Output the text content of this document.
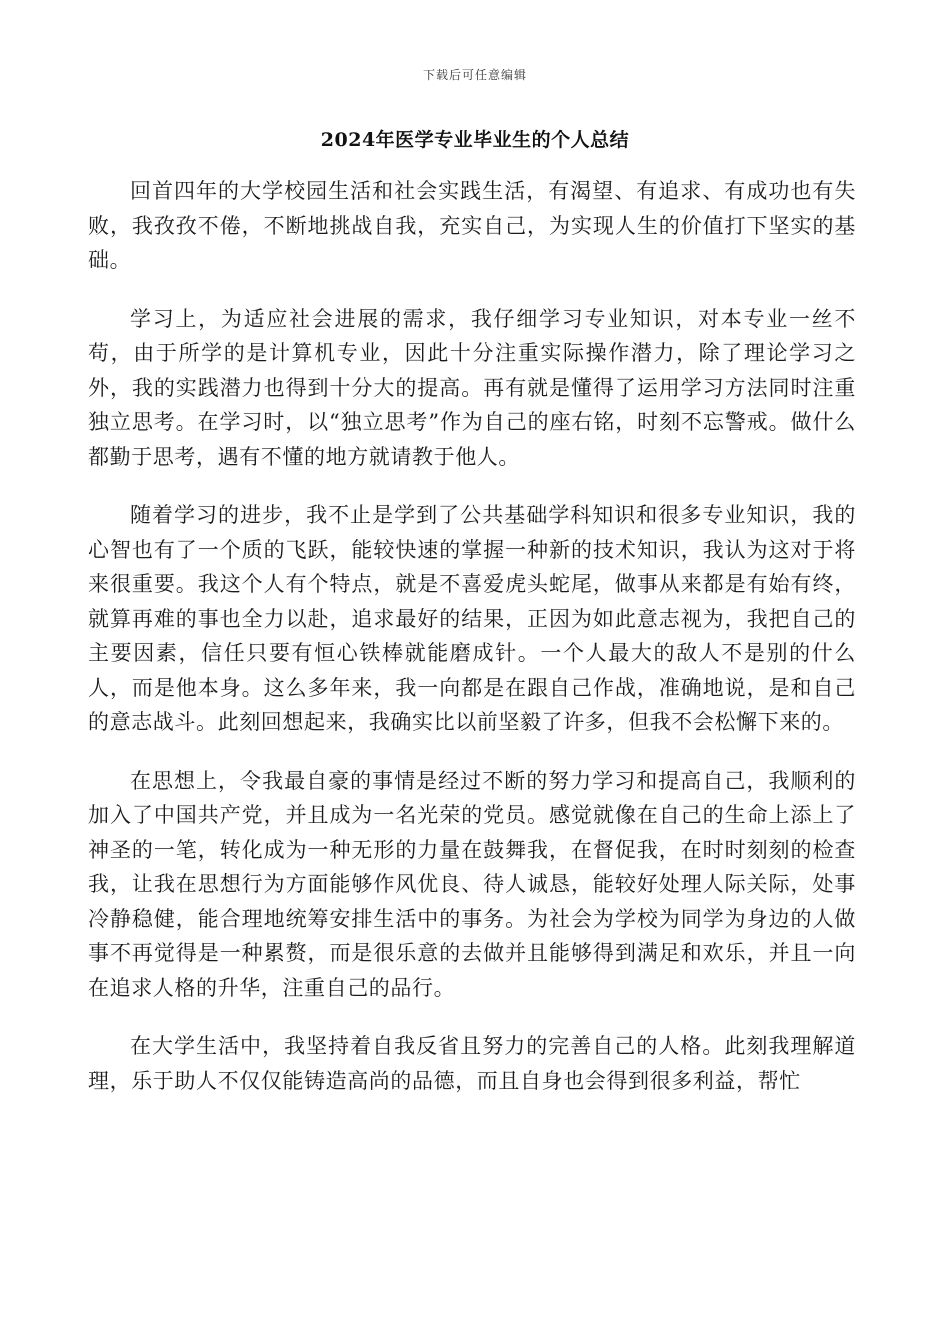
下载后可任意编辑
2024年医学专业毕业生的个人总结

回首四年的大学校园生活和社会实践生活，有渴望、有追求、有成功也有失败，我孜孜不倦，不断地挑战自我，充实自己，为实现人生的价值打下坚实的基础。

学习上，为适应社会进展的需求，我仔细学习专业知识，对本专业一丝不苟，由于所学的是计算机专业，因此十分注重实际操作潜力，除了理论学习之外，我的实践潜力也得到十分大的提高。再有就是懂得了运用学习方法同时注重独立思考。在学习时，以“独立思考”作为自己的座右铭，时刻不忘警戒。做什么都勤于思考，遇有不懂的地方就请教于他人。

随着学习的进步，我不止是学到了公共基础学科知识和很多专业知识，我的心智也有了一个质的飞跃，能较快速的掌握一种新的技术知识，我认为这对于将来很重要。我这个人有个特点，就是不喜爱虎头蛇尾，做事从来都是有始有终，就算再难的事也全力以赴，追求最好的结果，正因为如此意志视为，我把自己的主要因素，信任只要有恒心铁棒就能磨成针。一个人最大的敌人不是别的什么人，而是他本身。这么多年来，我一向都是在跟自己作战，准确地说，是和自己的意志战斗。此刻回想起来，我确实比以前坚毅了许多，但我不会松懈下来的。

在思想上，令我最自豪的事情是经过不断的努力学习和提高自己，我顺利的加入了中国共产党，并且成为一名光荣的党员。感觉就像在自己的生命上添上了神圣的一笔，转化成为一种无形的力量在鼓舞我，在督促我，在时时刻刻的检查我，让我在思想行为方面能够作风优良、待人诚恳，能较好处理人际关际，处事冷静稳健，能合理地统筹安排生活中的事务。为社会为学校为同学为身边的人做事不再觉得是一种累赘，而是很乐意的去做并且能够得到满足和欢乐，并且一向在追求人格的升华，注重自己的品行。

在大学生活中，我坚持着自我反省且努力的完善自己的人格。此刻我理解道理，乐于助人不仅仅能铸造高尚的品德，而且自身也会得到很多利益，帮忙
